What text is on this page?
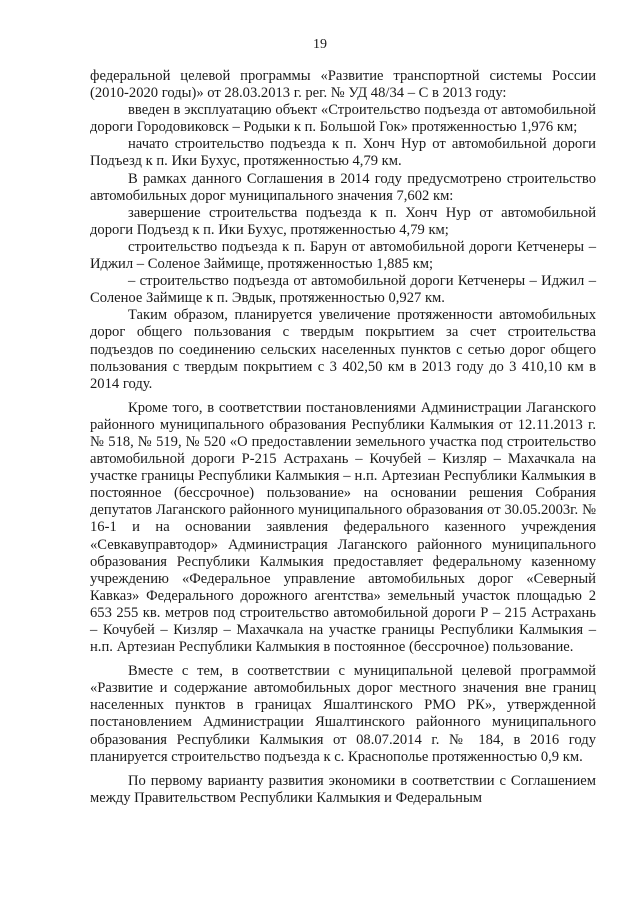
19

федеральной целевой программы «Развитие транспортной системы России (2010-2020 годы)» от 28.03.2013 г. рег. № УД 48/34 – С в 2013 году:

введен в эксплуатацию объект «Строительство подъезда от автомобильной дороги Городовиковск – Родыки к п. Большой Гок» протяженностью 1,976 км;

начато строительство подъезда к п. Хонч Нур от автомобильной дороги Подъезд к п. Ики Бухус, протяженностью 4,79 км.

В рамках данного Соглашения в 2014 году предусмотрено строительство автомобильных дорог муниципального значения 7,602 км:

завершение строительства подъезда к п. Хонч Нур от автомобильной дороги Подъезд к п. Ики Бухус, протяженностью 4,79 км;

строительство подъезда к п. Барун от автомобильной дороги Кетченеры – Иджил – Соленое Займище, протяженностью 1,885 км;

– строительство подъезда от автомобильной дороги Кетченеры – Иджил – Соленое Займище к п. Эвдык, протяженностью 0,927 км.

Таким образом, планируется увеличение протяженности автомобильных дорог общего пользования с твердым покрытием за счет строительства подъездов по соединению сельских населенных пунктов с сетью дорог общего пользования с твердым покрытием с 3 402,50 км в 2013 году до 3 410,10 км в 2014 году.

Кроме того, в соответствии постановлениями Администрации Лаганского районного муниципального образования Республики Калмыкия от 12.11.2013 г. № 518, № 519, № 520 «О предоставлении земельного участка под строительство автомобильной дороги Р-215 Астрахань – Кочубей – Кизляр – Махачкала на участке границы Республики Калмыкия – н.п. Артезиан Республики Калмыкия в постоянное (бессрочное) пользование» на основании решения Собрания депутатов Лаганского районного муниципального образования от 30.05.2003г. № 16-1 и на основании заявления федерального казенного учреждения «Севкавуправтодор» Администрация Лаганского районного муниципального образования Республики Калмыкия предоставляет федеральному казенному учреждению «Федеральное управление автомобильных дорог «Северный Кавказ» Федерального дорожного агентства» земельный участок площадью 2 653 255 кв. метров под строительство автомобильной дороги Р – 215 Астрахань – Кочубей – Кизляр – Махачкала на участке границы Республики Калмыкия – н.п. Артезиан Республики Калмыкия в постоянное (бессрочное) пользование.

Вместе с тем, в соответствии с муниципальной целевой программой «Развитие и содержание автомобильных дорог местного значения вне границ населенных пунктов в границах Яшалтинского РМО РК», утвержденной постановлением Администрации Яшалтинского районного муниципального образования Республики Калмыкия от 08.07.2014 г. № 184, в 2016 году планируется строительство подъезда к с. Краснополье протяженностью 0,9 км.

По первому варианту развития экономики в соответствии с Соглашением между Правительством Республики Калмыкия и Федеральным
